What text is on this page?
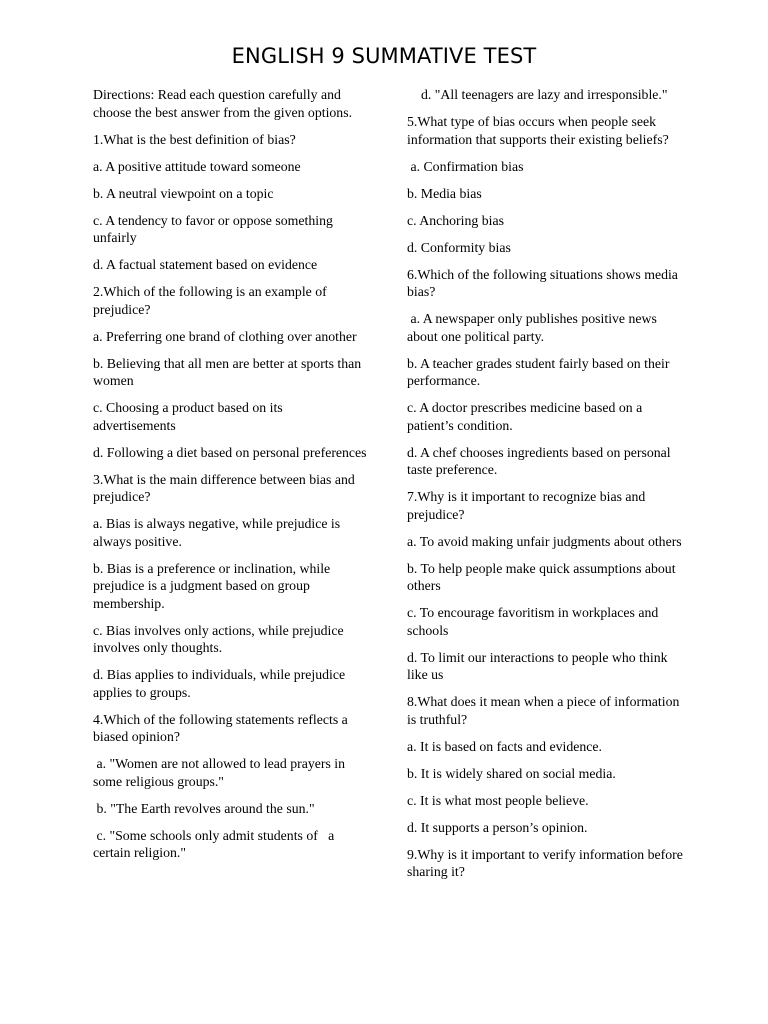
ENGLISH 9 SUMMATIVE TEST

Directions: Read each question carefully and choose the best answer from the given options.

1.What is the best definition of bias?

a. A positive attitude toward someone

b. A neutral viewpoint on a topic

c. A tendency to favor or oppose something unfairly

d. A factual statement based on evidence

2.Which of the following is an example of prejudice?

a. Preferring one brand of clothing over another

b. Believing that all men are better at sports than women

c. Choosing a product based on its advertisements

d. Following a diet based on personal preferences

3.What is the main difference between bias and prejudice?

a. Bias is always negative, while prejudice is always positive.

b. Bias is a preference or inclination, while prejudice is a judgment based on group membership.

c. Bias involves only actions, while prejudice involves only thoughts.

d. Bias applies to individuals, while prejudice applies to groups.

4.Which of the following statements reflects a biased opinion?

a. "Women are not allowed to lead prayers in some religious groups."

b. "The Earth revolves around the sun."

c. "Some schools only admit students of   a certain religion."

d. "All teenagers are lazy and irresponsible."

5.What type of bias occurs when people seek information that supports their existing beliefs?

a. Confirmation bias

b. Media bias

c. Anchoring bias

d. Conformity bias

6.Which of the following situations shows media bias?

a. A newspaper only publishes positive news about one political party.

b. A teacher grades student fairly based on their performance.

c. A doctor prescribes medicine based on a patient’s condition.

d. A chef chooses ingredients based on personal taste preference.

7.Why is it important to recognize bias and prejudice?

a. To avoid making unfair judgments about others

b. To help people make quick assumptions about others

c. To encourage favoritism in workplaces and schools

d. To limit our interactions to people who think like us

8.What does it mean when a piece of information is truthful?

a. It is based on facts and evidence.

b. It is widely shared on social media.

c. It is what most people believe.

d. It supports a person’s opinion.

9.Why is it important to verify information before sharing it?
